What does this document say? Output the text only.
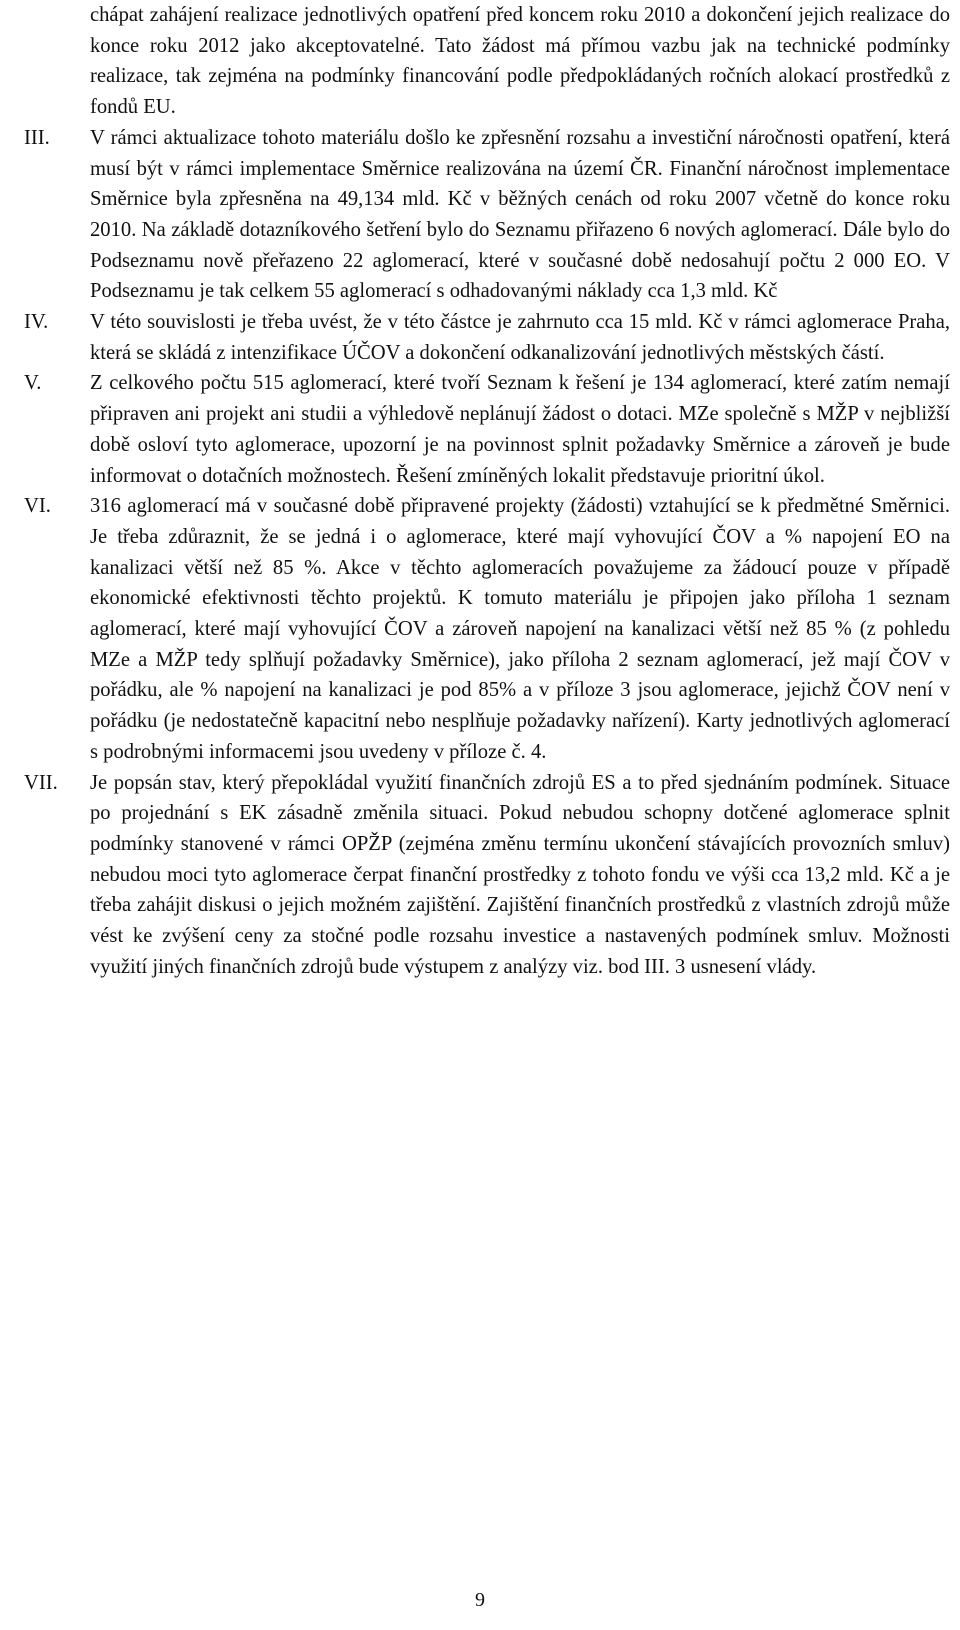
chápat zahájení realizace jednotlivých opatření před koncem roku 2010 a dokončení jejich realizace do konce roku 2012 jako akceptovatelné. Tato žádost má přímou vazbu jak na technické podmínky realizace, tak zejména na podmínky financování podle předpokládaných ročních alokací prostředků z fondů EU.
III.	V rámci aktualizace tohoto materiálu došlo ke zpřesnění rozsahu a investiční náročnosti opatření, která musí být v rámci implementace Směrnice realizována na území ČR. Finanční náročnost implementace Směrnice byla zpřesněna na 49,134 mld. Kč v běžných cenách od roku 2007 včetně do konce roku 2010. Na základě dotazníkového šetření bylo do Seznamu přiřazeno 6 nových aglomerací. Dále bylo do Podseznamu nově přeřazeno 22 aglomerací, které v současné době nedosahují počtu 2 000 EO. V Podseznamu je tak celkem 55 aglomerací s odhadovanými náklady cca 1,3 mld. Kč
IV.	V této souvislosti je třeba uvést, že v této částce je zahrnuto cca 15 mld. Kč v rámci aglomerace Praha, která se skládá z intenzifikace ÚČOV a dokončení odkanalizování jednotlivých městských částí.
V.	Z celkového počtu 515 aglomerací, které tvoří Seznam k řešení je 134 aglomerací, které zatím nemají připraven ani projekt ani studii a výhledově neplánují žádost o dotaci. MZe společně s MŽP v nejbližší době osloví tyto aglomerace, upozorní je na povinnost splnit požadavky Směrnice a zároveň je bude informovat o dotačních možnostech. Řešení zmíněných lokalit představuje prioritní úkol.
VI.	316 aglomerací má v současné době připravené projekty (žádosti) vztahující se k předmětné Směrnici. Je třeba zdůraznit, že se jedná i o aglomerace, které mají vyhovující ČOV a % napojení EO na kanalizaci větší než 85 %. Akce v těchto aglomeracích považujeme za žádoucí pouze v případě ekonomické efektivnosti těchto projektů. K tomuto materiálu je připojen jako příloha 1 seznam aglomerací, které mají vyhovující ČOV a zároveň napojení na kanalizaci větší než 85 % (z pohledu MZe a MŽP tedy splňují požadavky Směrnice), jako příloha 2 seznam aglomerací, jež mají ČOV v pořádku, ale % napojení na kanalizaci je pod 85% a v příloze 3 jsou aglomerace, jejichž ČOV není v pořádku (je nedostatečně kapacitní nebo nesplňuje požadavky nařízení). Karty jednotlivých aglomerací s podrobnými informacemi jsou uvedeny v příloze č. 4.
VII.	Je popsán stav, který přepokládal využití finančních zdrojů ES a to před sjednáním podmínek. Situace po projednání s EK zásadně změnila situaci. Pokud nebudou schopny dotčené aglomerace splnit podmínky stanovené v rámci OPŽP (zejména změnu termínu ukončení stávajících provozních smluv) nebudou moci tyto aglomerace čerpat finanční prostředky z tohoto fondu ve výši cca 13,2 mld. Kč a je třeba zahájit diskusi o jejich možném zajištění. Zajištění finančních prostředků z vlastních zdrojů může vést ke zvýšení ceny za stočné podle rozsahu investice a nastavených podmínek smluv. Možnosti využití jiných finančních zdrojů bude výstupem z analýzy viz. bod III. 3 usnesení vlády.
9
